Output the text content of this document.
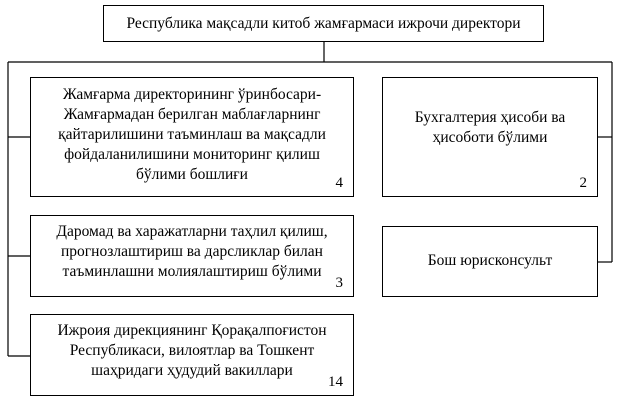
Республика мақсадли китоб жамғармаси ижрочи директори
Жамғарма директорининг ўринбосари-
Жамғармадан берилган маблағларнинг
қайтарилишини таъминлаш ва мақсадли
фойдаланилишини мониторинг қилиш
бўлими бошлиғи	4
Даромад ва харажатларни таҳлил қилиш,
прогнозлаштириш ва дарсликлар билан
таъминлашни молиялаштириш бўлими
3
Ижроия дирекциянинг Қорақалпоғистон
Республикаси, вилоятлар ва Тошкент
шаҳридаги ҳудудий вакиллари
14
Бухгалтерия ҳисоби ва
ҳисоботи бўлими
2
Бош юрисконсульт
